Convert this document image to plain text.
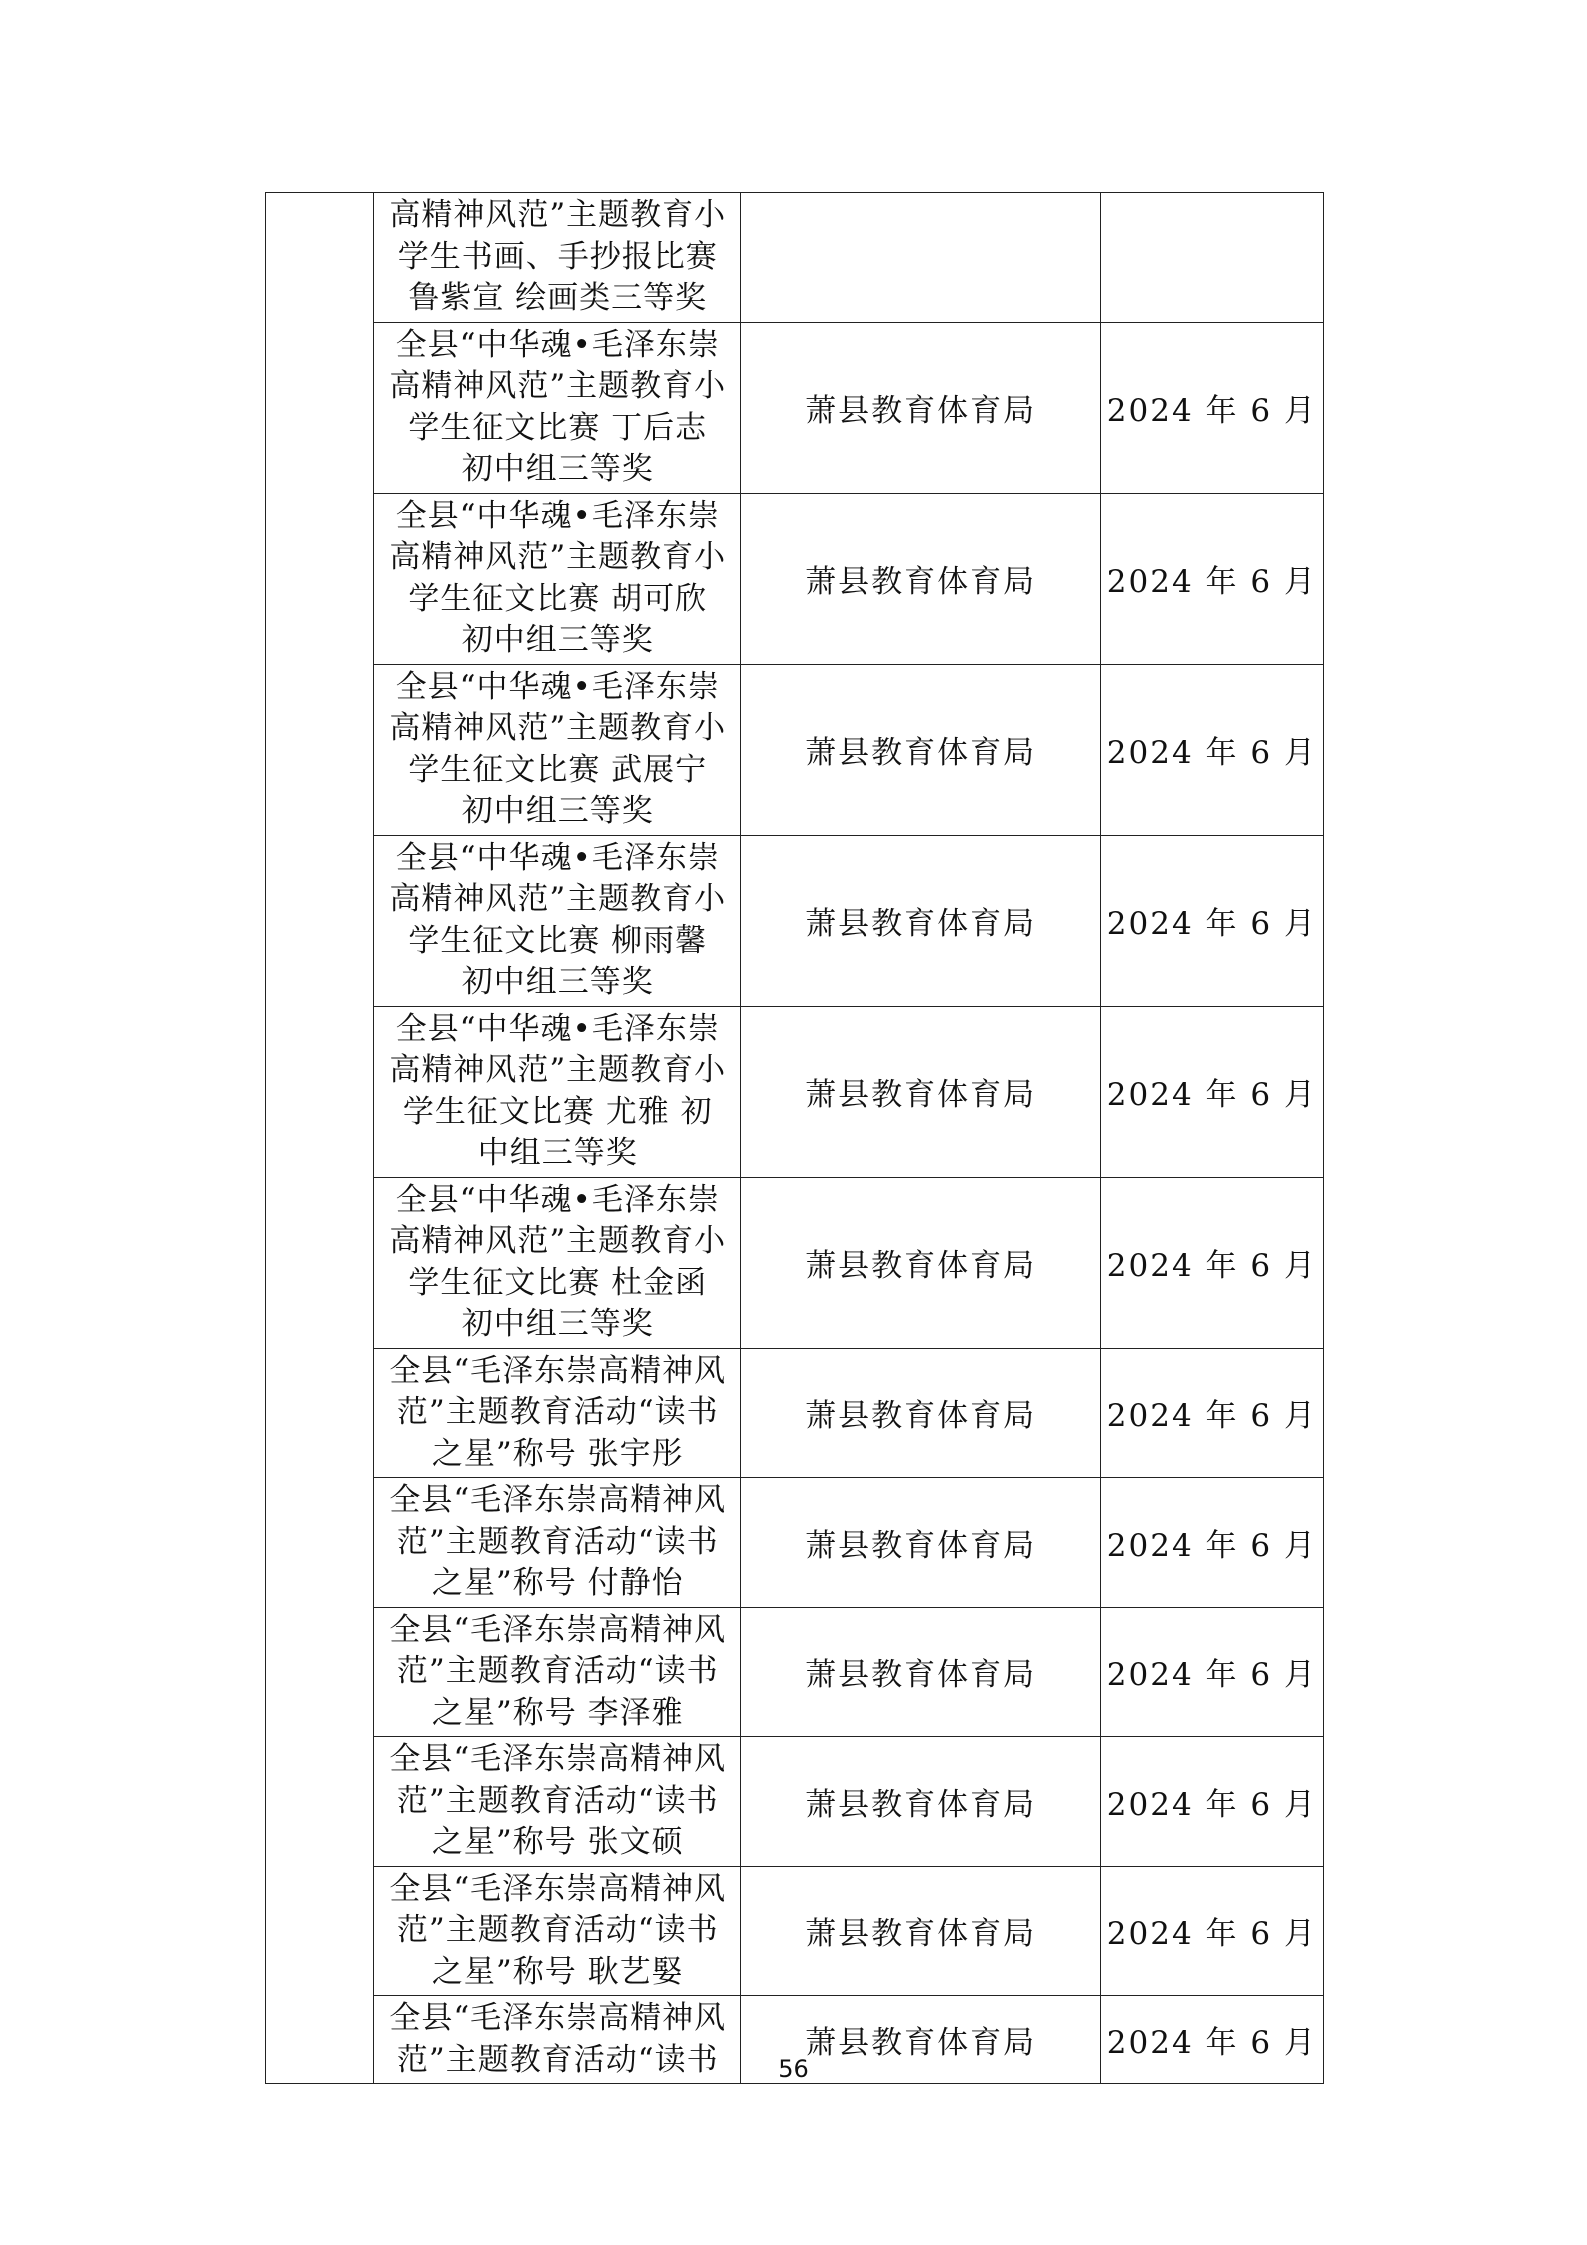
	高精神风范”主题教育小
学生书画、手抄报比赛
鲁紫宣 绘画类三等奖		

	全县“中华魂•毛泽东崇
高精神风范”主题教育小
学生征文比赛 丁后志
初中组三等奖	萧县教育体育局	2024 年 6 月

	全县“中华魂•毛泽东崇
高精神风范”主题教育小
学生征文比赛 胡可欣
初中组三等奖	萧县教育体育局	2024 年 6 月

	全县“中华魂•毛泽东崇
高精神风范”主题教育小
学生征文比赛 武展宁
初中组三等奖	萧县教育体育局	2024 年 6 月

	全县“中华魂•毛泽东崇
高精神风范”主题教育小
学生征文比赛 柳雨馨
初中组三等奖	萧县教育体育局	2024 年 6 月

	全县“中华魂•毛泽东崇
高精神风范”主题教育小
学生征文比赛 尤雅 初
中组三等奖	萧县教育体育局	2024 年 6 月

	全县“中华魂•毛泽东崇
高精神风范”主题教育小
学生征文比赛 杜金函
初中组三等奖	萧县教育体育局	2024 年 6 月

	全县“毛泽东崇高精神风
范”主题教育活动“读书
之星”称号 张宇彤	萧县教育体育局	2024 年 6 月

	全县“毛泽东崇高精神风
范”主题教育活动“读书
之星”称号 付静怡	萧县教育体育局	2024 年 6 月

	全县“毛泽东崇高精神风
范”主题教育活动“读书
之星”称号 李泽雅	萧县教育体育局	2024 年 6 月

	全县“毛泽东崇高精神风
范”主题教育活动“读书
之星”称号 张文硕	萧县教育体育局	2024 年 6 月

	全县“毛泽东崇高精神风
范”主题教育活动“读书
之星”称号 耿艺婜	萧县教育体育局	2024 年 6 月

	全县“毛泽东崇高精神风
范”主题教育活动“读书	萧县教育体育局	2024 年 6 月
56
